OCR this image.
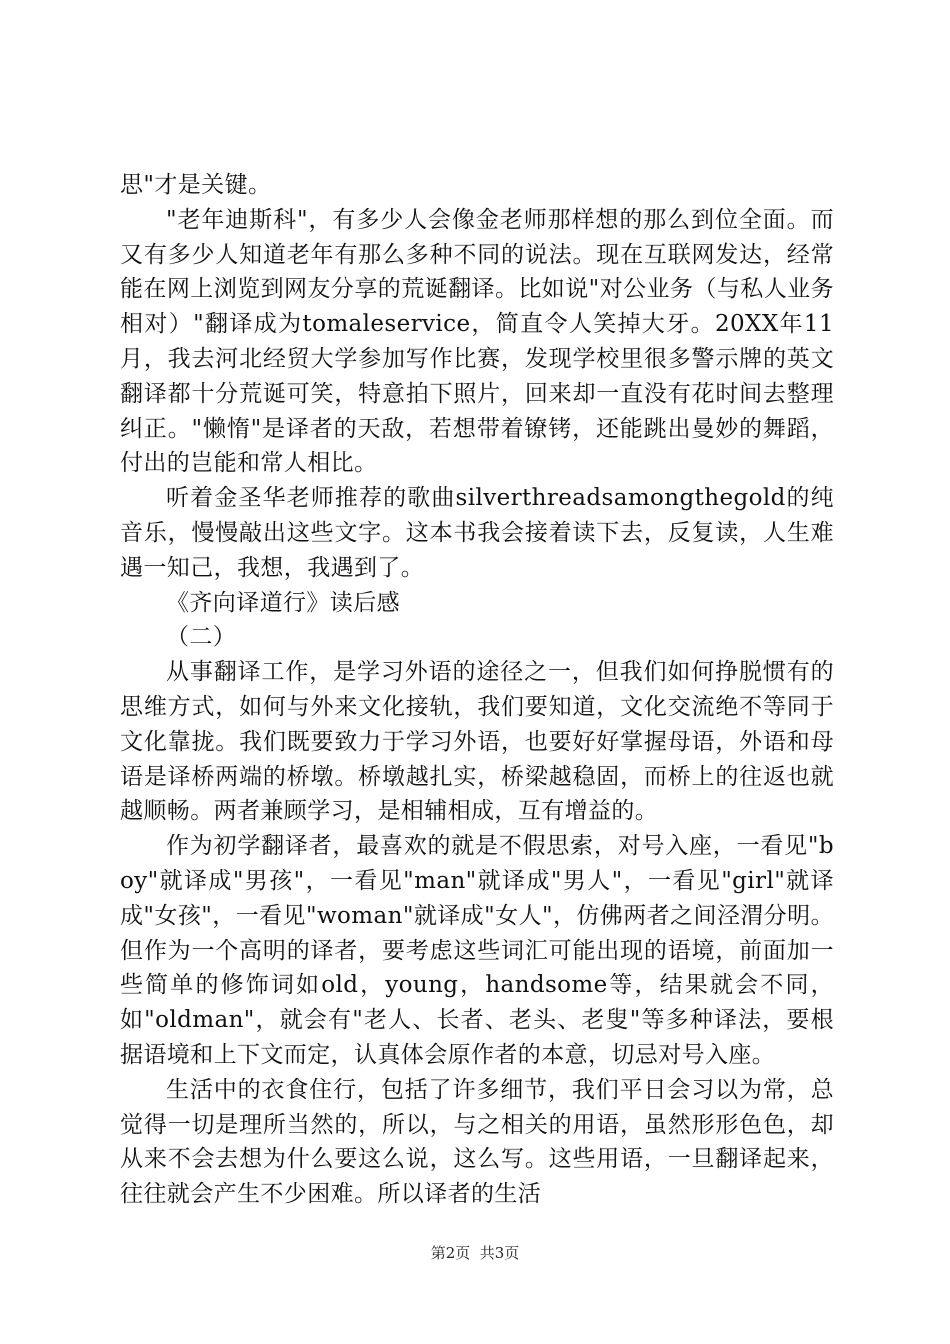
思"才是关键。

"老年迪斯科"，有多少人会像金老师那样想的那么到位全面。而又有多少人知道老年有那么多种不同的说法。现在互联网发达，经常能在网上浏览到网友分享的荒诞翻译。比如说"对公业务（与私人业务相对）"翻译成为tomaleservice，简直令人笑掉大牙。20XX年11月，我去河北经贸大学参加写作比赛，发现学校里很多警示牌的英文翻译都十分荒诞可笑，特意拍下照片，回来却一直没有花时间去整理纠正。"懒惰"是译者的天敌，若想带着镣铐，还能跳出曼妙的舞蹈，付出的岂能和常人相比。

听着金圣华老师推荐的歌曲silverthreadsamongthegold的纯音乐，慢慢敲出这些文字。这本书我会接着读下去，反复读，人生难遇一知己，我想，我遇到了。

《齐向译道行》读后感

（二）

从事翻译工作，是学习外语的途径之一，但我们如何挣脱惯有的思维方式，如何与外来文化接轨，我们要知道，文化交流绝不等同于文化靠拢。我们既要致力于学习外语，也要好好掌握母语，外语和母语是译桥两端的桥墩。桥墩越扎实，桥梁越稳固，而桥上的往返也就越顺畅。两者兼顾学习，是相辅相成，互有增益的。

作为初学翻译者，最喜欢的就是不假思索，对号入座，一看见"boy"就译成"男孩"，一看见"man"就译成"男人"，一看见"girl"就译成"女孩"，一看见"woman"就译成"女人"，仿佛两者之间泾渭分明。但作为一个高明的译者，要考虑这些词汇可能出现的语境，前面加一些简单的修饰词如old，young，handsome等，结果就会不同，如"oldman"，就会有"老人、长者、老头、老叟"等多种译法，要根据语境和上下文而定，认真体会原作者的本意，切忌对号入座。

生活中的衣食住行，包括了许多细节，我们平日会习以为常，总觉得一切是理所当然的，所以，与之相关的用语，虽然形形色色，却从来不会去想为什么要这么说，这么写。这些用语，一旦翻译起来，往往就会产生不少困难。所以译者的生活

第2页  共3页
